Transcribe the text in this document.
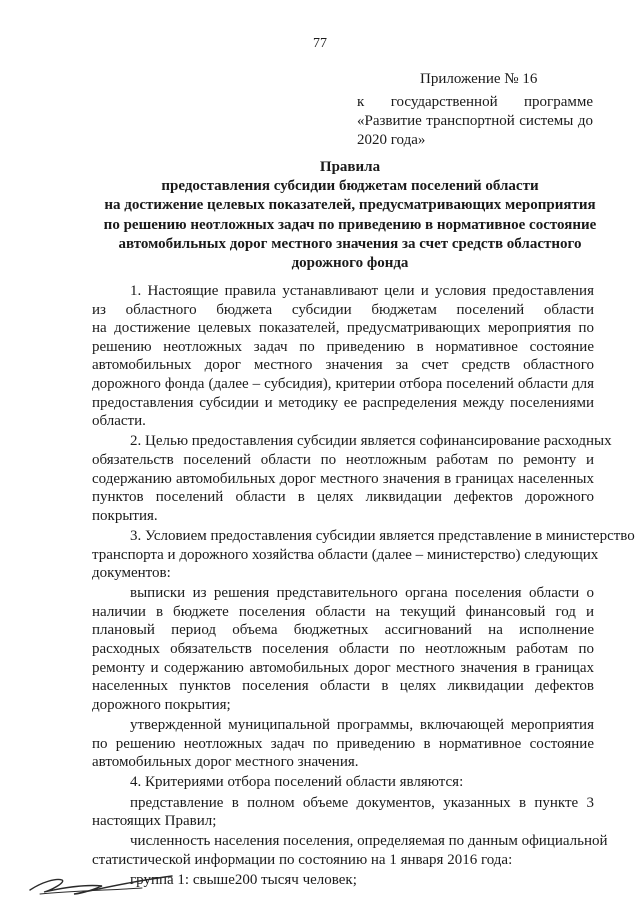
77
Приложение № 16
к государственной программе
«Развитие транспортной системы до
2020 года»
Правила
предоставления субсидии бюджетам поселений области
на достижение целевых показателей, предусматривающих мероприятия
по решению неотложных задач по приведению в нормативное состояние
автомобильных дорог местного значения за счет средств областного
дорожного фонда
1. Настоящие правила устанавливают цели и условия предоставления
из областного бюджета субсидии бюджетам поселений области
на достижение целевых показателей, предусматривающих мероприятия по
решению неотложных задач по приведению в нормативное состояние
автомобильных дорог местного значения за счет средств областного
дорожного фонда (далее – субсидия), критерии отбора поселений области для
предоставления субсидии и методику ее распределения между поселениями
области.
2. Целью предоставления субсидии является софинансирование расходных
обязательств поселений области по неотложным работам по ремонту и
содержанию автомобильных дорог местного значения в границах населенных
пунктов поселений области в целях ликвидации дефектов дорожного
покрытия.
3. Условием предоставления субсидии является представление в министерство
транспорта и дорожного хозяйства области (далее – министерство) следующих
документов:
выписки из решения представительного органа поселения области о
наличии в бюджете поселения области на текущий финансовый год и
плановый период объема бюджетных ассигнований на исполнение
расходных обязательств поселения области по неотложным работам по
ремонту и содержанию автомобильных дорог местного значения в границах
населенных пунктов поселения области в целях ликвидации дефектов
дорожного покрытия;
утвержденной муниципальной программы, включающей мероприятия
по решению неотложных задач по приведению в нормативное состояние
автомобильных дорог местного значения.
4. Критериями отбора поселений области являются:
представление в полном объеме документов, указанных в пункте 3
настоящих Правил;
численность населения поселения, определяемая по данным официальной
статистической информации по состоянию на 1 января 2016 года:
группа 1: свыше200 тысяч человек;
